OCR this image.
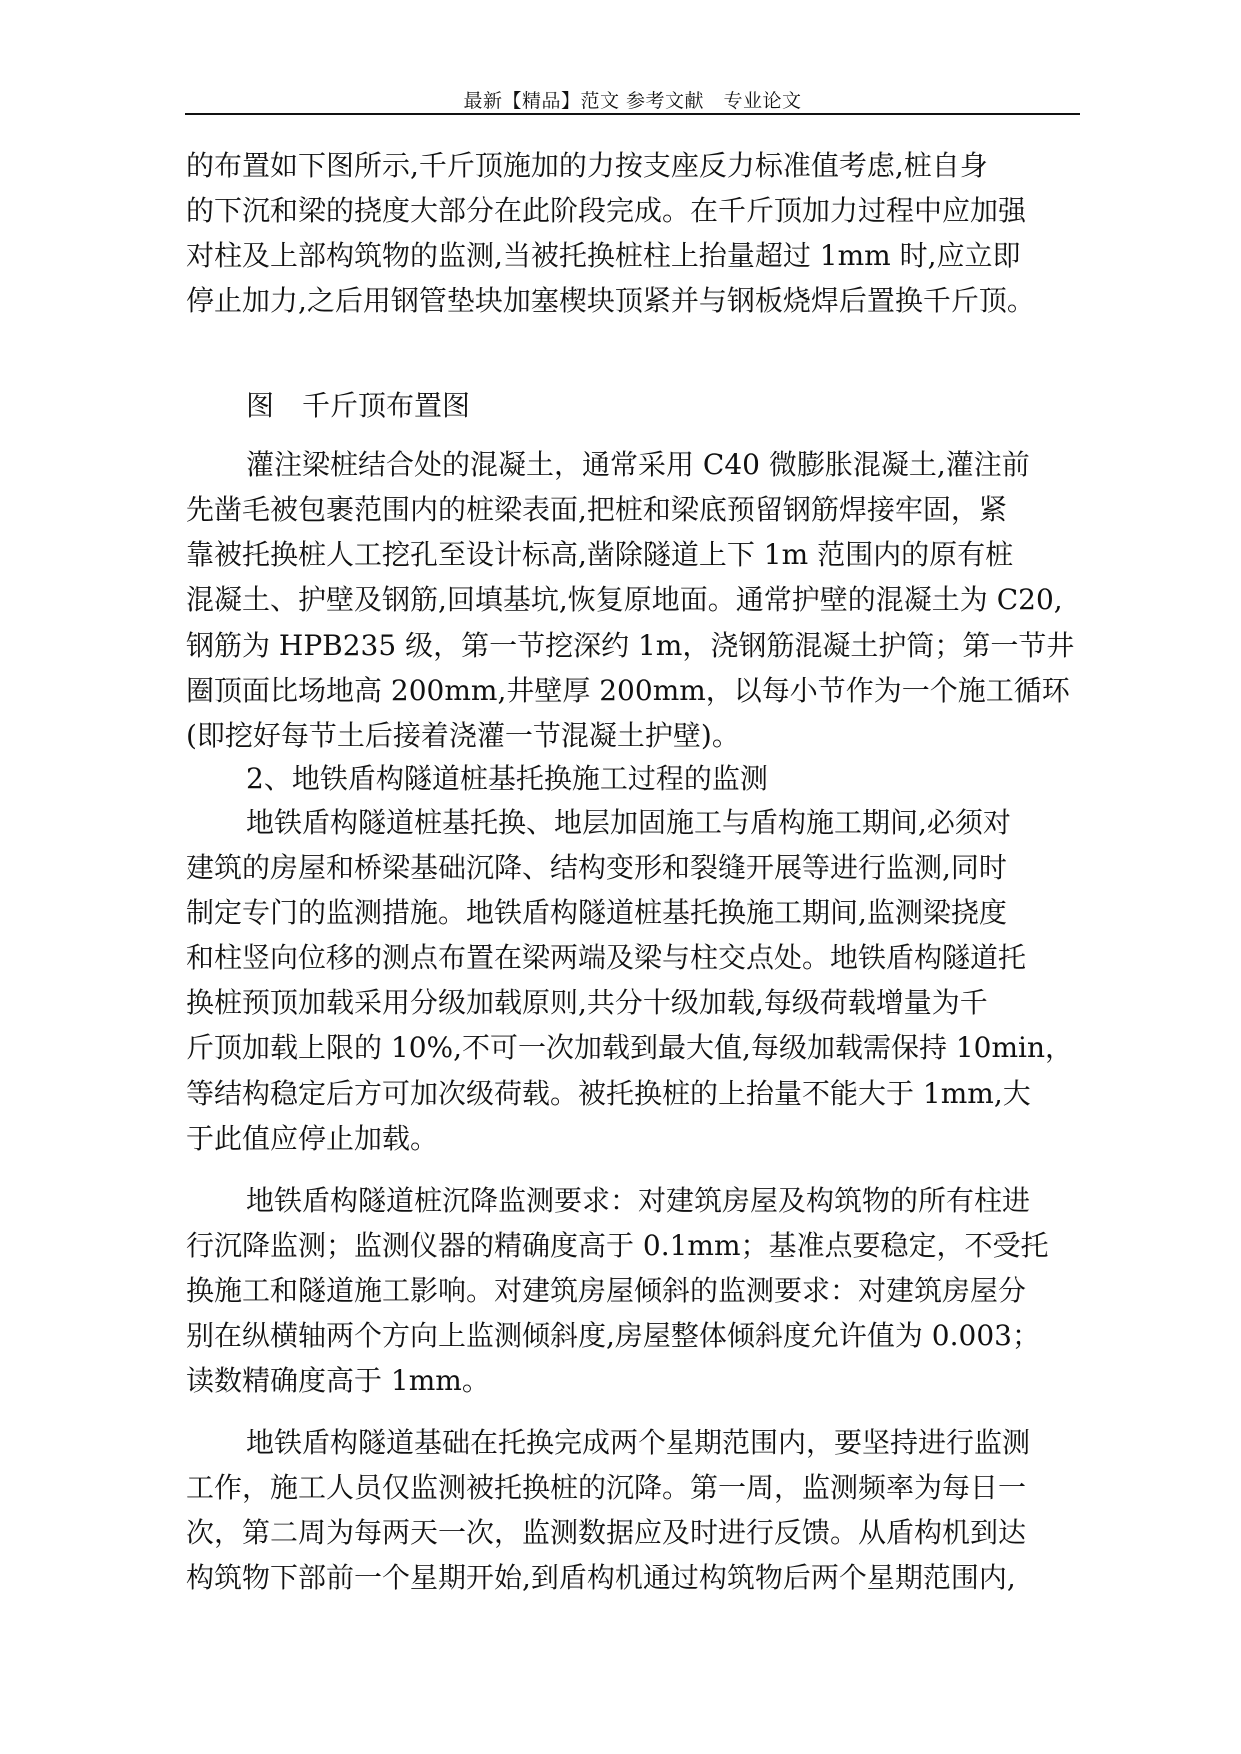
最新【精品】范文 参考文献　专业论文
的布置如下图所示,千斤顶施加的力按支座反力标准值考虑,桩自身
的下沉和梁的挠度大部分在此阶段完成。在千斤顶加力过程中应加强
对柱及上部构筑物的监测,当被托换桩柱上抬量超过 1mm 时,应立即
停止加力,之后用钢管垫块加塞楔块顶紧并与钢板烧焊后置换千斤顶。
图　千斤顶布置图
灌注梁桩结合处的混凝土，通常采用 C40 微膨胀混凝土,灌注前
先凿毛被包裹范围内的桩梁表面,把桩和梁底预留钢筋焊接牢固，紧
靠被托换桩人工挖孔至设计标高,凿除隧道上下 1m 范围内的原有桩
混凝土、护壁及钢筋,回填基坑,恢复原地面。通常护壁的混凝土为 C20,
钢筋为 HPB235 级，第一节挖深约 1m，浇钢筋混凝土护筒；第一节井
圈顶面比场地高 200mm,井壁厚 200mm，以每小节作为一个施工循环
(即挖好每节土后接着浇灌一节混凝土护壁)。
2、地铁盾构隧道桩基托换施工过程的监测
地铁盾构隧道桩基托换、地层加固施工与盾构施工期间,必须对
建筑的房屋和桥梁基础沉降、结构变形和裂缝开展等进行监测,同时
制定专门的监测措施。地铁盾构隧道桩基托换施工期间,监测梁挠度
和柱竖向位移的测点布置在梁两端及梁与柱交点处。地铁盾构隧道托
换桩预顶加载采用分级加载原则,共分十级加载,每级荷载增量为千
斤顶加载上限的 10%,不可一次加载到最大值,每级加载需保持 10min，
等结构稳定后方可加次级荷载。被托换桩的上抬量不能大于 1mm,大
于此值应停止加载。
地铁盾构隧道桩沉降监测要求：对建筑房屋及构筑物的所有柱进
行沉降监测；监测仪器的精确度高于 0.1mm；基准点要稳定，不受托
换施工和隧道施工影响。对建筑房屋倾斜的监测要求：对建筑房屋分
别在纵横轴两个方向上监测倾斜度,房屋整体倾斜度允许值为 0.003；
读数精确度高于 1mm。
地铁盾构隧道基础在托换完成两个星期范围内，要坚持进行监测
工作，施工人员仅监测被托换桩的沉降。第一周，监测频率为每日一
次，第二周为每两天一次，监测数据应及时进行反馈。从盾构机到达
构筑物下部前一个星期开始,到盾构机通过构筑物后两个星期范围内,
